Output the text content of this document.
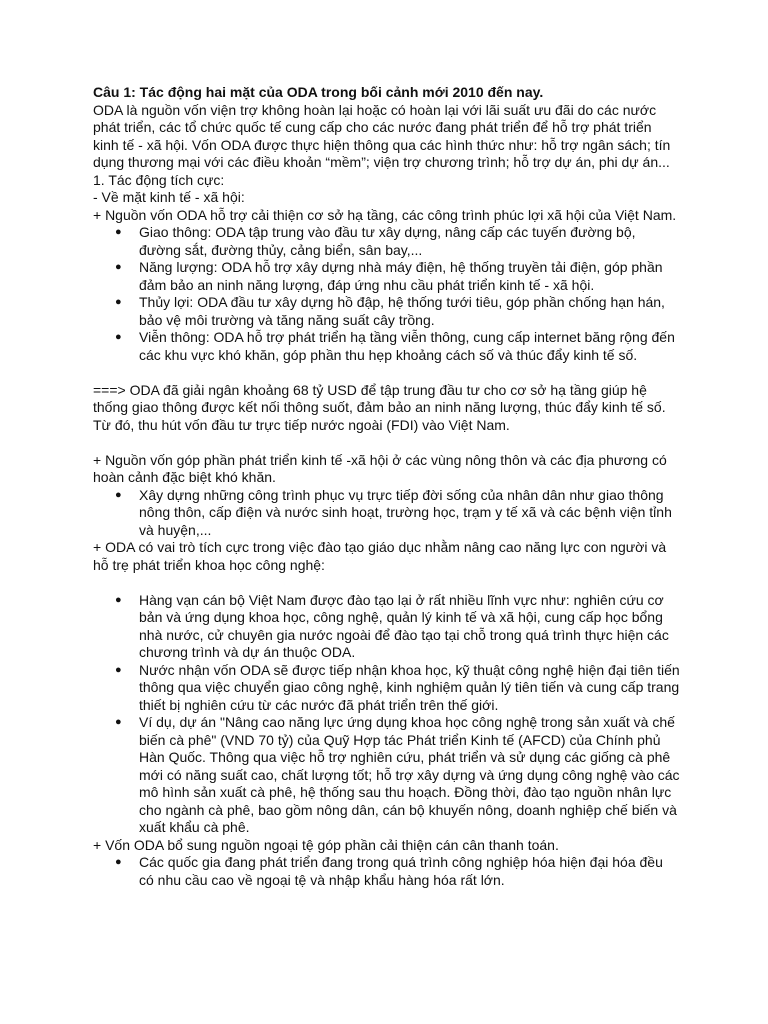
Câu 1: Tác động hai mặt của ODA trong bối cảnh mới 2010 đến nay.

ODA là nguồn vốn viện trợ không hoàn lại hoặc có hoàn lại với lãi suất ưu đãi do các nước phát triển, các tổ chức quốc tế cung cấp cho các nước đang phát triển để hỗ trợ phát triển kinh tế - xã hội. Vốn ODA được thực hiện thông qua các hình thức như: hỗ trợ ngân sách; tín dụng thương mại với các điều khoản “mềm”; viện trợ chương trình; hỗ trợ dự án, phi dự án...

1. Tác động tích cực:

- Về mặt kinh tế - xã hội:

+ Nguồn vốn ODA hỗ trợ cải thiện cơ sở hạ tầng, các công trình phúc lợi xã hội của Việt Nam.

● Giao thông: ODA tập trung vào đầu tư xây dựng, nâng cấp các tuyến đường bộ, đường sắt, đường thủy, cảng biển, sân bay,...
● Năng lượng: ODA hỗ trợ xây dựng nhà máy điện, hệ thống truyền tải điện, góp phần đảm bảo an ninh năng lượng, đáp ứng nhu cầu phát triển kinh tế - xã hội.
● Thủy lợi: ODA đầu tư xây dựng hồ đập, hệ thống tưới tiêu, góp phần chống hạn hán, bảo vệ môi trường và tăng năng suất cây trồng.
● Viễn thông: ODA hỗ trợ phát triển hạ tầng viễn thông, cung cấp internet băng rộng đến các khu vực khó khăn, góp phần thu hẹp khoảng cách số và thúc đẩy kinh tế số.

===> ODA đã giải ngân khoảng 68 tỷ USD để tập trung đầu tư cho cơ sở hạ tầng giúp hệ thống giao thông được kết nối thông suốt, đảm bảo an ninh năng lượng, thúc đẩy kinh tế số. Từ đó, thu hút vốn đầu tư trực tiếp nước ngoài (FDI) vào Việt Nam.

+ Nguồn vốn góp phần phát triển kinh tế -xã hội ở các vùng nông thôn và các địa phương có hoàn cảnh đặc biệt khó khăn.

● Xây dựng những công trình phục vụ trực tiếp đời sống của nhân dân như giao thông nông thôn, cấp điện và nước sinh hoạt, trường học, trạm y tế xã và các bệnh viện tỉnh và huyện,...

+ ODA có vai trò tích cực trong việc đào tạo giáo dục nhằm nâng cao năng lực con người và hỗ trẹ phát triển khoa học công nghệ:

● Hàng vạn cán bộ Việt Nam được đào tạo lại ở rất nhiều lĩnh vực như: nghiên cứu cơ bản và ứng dụng khoa học, công nghệ, quản lý kinh tế và xã hội, cung cấp học bổng nhà nước, cử chuyên gia nước ngoài để đào tạo tại chỗ trong quá trình thực hiện các chương trình và dự án thuộc ODA.
● Nước nhận vốn ODA sẽ được tiếp nhận khoa học, kỹ thuật công nghệ hiện đại tiên tiến thông qua việc chuyển giao công nghệ, kinh nghiệm quản lý tiên tiến và cung cấp trang thiết bị nghiên cứu từ các nước đã phát triển trên thế giới.
● Ví dụ, dự án "Nâng cao năng lực ứng dụng khoa học công nghệ trong sản xuất và chế biến cà phê" (VND 70 tỷ) của Quỹ Hợp tác Phát triển Kinh tế (AFCD) của Chính phủ Hàn Quốc. Thông qua việc hỗ trợ nghiên cứu, phát triển và sử dụng các giống cà phê mới có năng suất cao, chất lượng tốt; hỗ trợ xây dựng và ứng dụng công nghệ vào các mô hình sản xuất cà phê, hệ thống sau thu hoạch. Đồng thời, đào tạo nguồn nhân lực cho ngành cà phê, bao gồm nông dân, cán bộ khuyến nông, doanh nghiệp chế biến và xuất khẩu cà phê.

+ Vốn ODA bổ sung nguồn ngoại tệ góp phần cải thiện cán cân thanh toán.

● Các quốc gia đang phát triển đang trong quá trình công nghiệp hóa hiện đại hóa đều có nhu cầu cao về ngoại tệ và nhập khẩu hàng hóa rất lớn.
